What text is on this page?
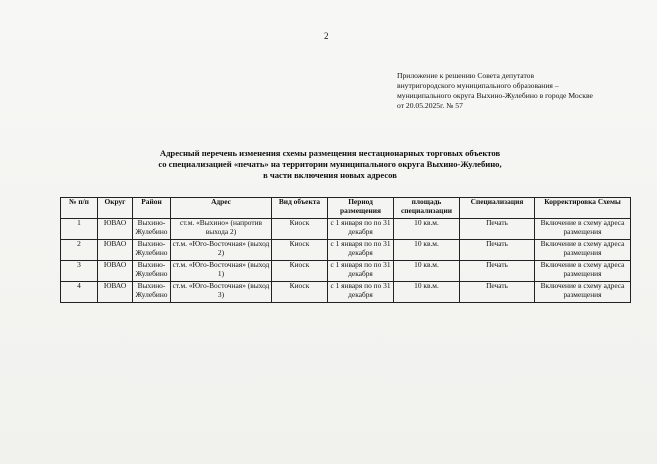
2
Приложение к решению Совета депутатов
внутригородского муниципального образования –
муниципального округа Выхино-Жулебино в городе Москве
от 20.05.2025г. № 57
Адресный перечень изменения схемы размещения нестационарных торговых объектов
со специализацией «печать» на территории муниципального округа Выхино-Жулебино,
в части включения новых адресов
№ п/п	Округ	Район	Адрес	Вид объекта	Период размещения	площадь специализации	Специализация	Корректировка Схемы
1	ЮВАО	Выхино-Жулебино	ст.м. «Выхино» (напротив выхода 2)	Киоск	с 1 января по по 31 декабря	10 кв.м.	Печать	Включение в схему адреса размещения
2	ЮВАО	Выхино-Жулебино	ст.м. «Юго-Восточная» (выход 2)	Киоск	с 1 января по по 31 декабря	10 кв.м.	Печать	Включение в схему адреса размещения
3	ЮВАО	Выхино-Жулебино	ст.м. «Юго-Восточная» (выход 1)	Киоск	с 1 января по по 31 декабря	10 кв.м.	Печать	Включение в схему адреса размещения
4	ЮВАО	Выхино-Жулебино	ст.м. «Юго-Восточная» (выход 3)	Киоск	с 1 января по по 31 декабря	10 кв.м.	Печать	Включение в схему адреса размещения
